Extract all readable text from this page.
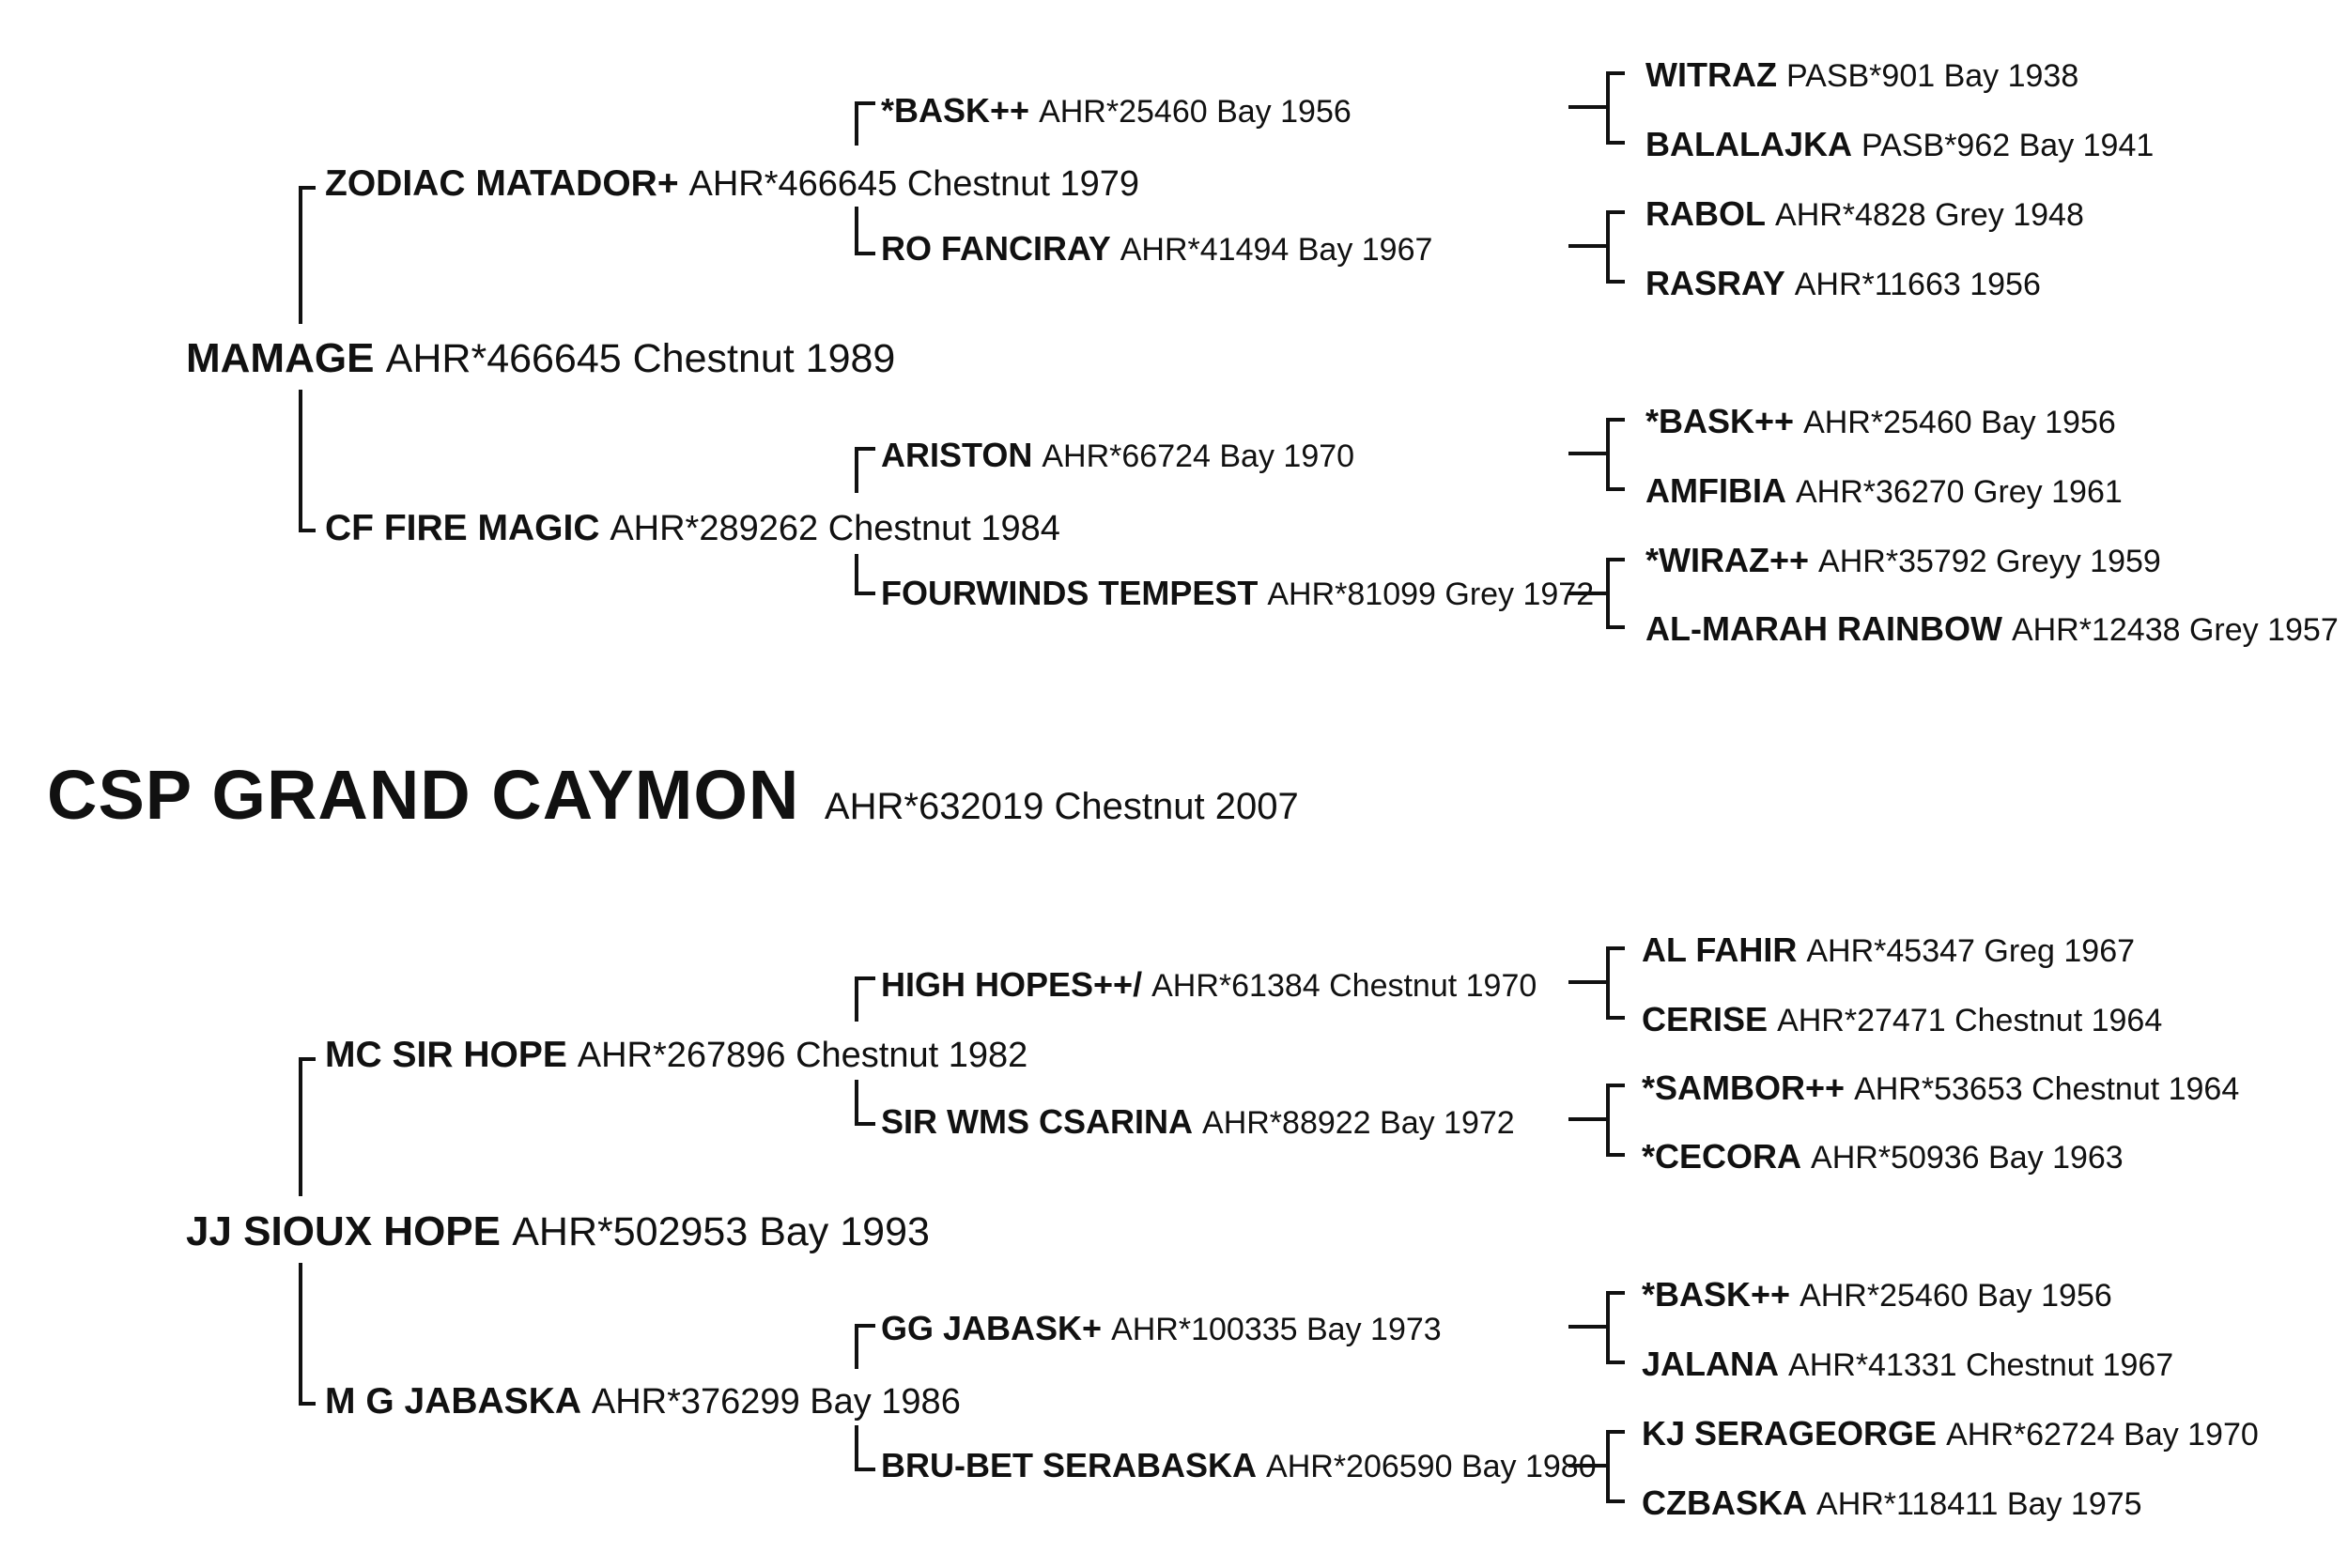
CSP GRAND CAYMON AHR*632019 Chestnut 2007
MAMAGE AHR*466645 Chestnut 1989
ZODIAC MATADOR+ AHR*466645 Chestnut 1979
CF FIRE MAGIC AHR*289262 Chestnut 1984
*BASK++ AHR*25460 Bay 1956
RO FANCIRAY AHR*41494 Bay 1967
ARISTON AHR*66724 Bay 1970
FOURWINDS TEMPEST AHR*81099 Grey 1972
WITRAZ PASB*901 Bay 1938
BALALAJKA PASB*962 Bay 1941
RABOL AHR*4828 Grey 1948
RASRAY AHR*11663 1956
*BASK++ AHR*25460 Bay 1956
AMFIBIA AHR*36270 Grey 1961
*WIRAZ++ AHR*35792 Greyy 1959
AL-MARAH RAINBOW AHR*12438 Grey 1957
JJ SIOUX HOPE AHR*502953 Bay 1993
MC SIR HOPE AHR*267896 Chestnut 1982
M G JABASKA AHR*376299 Bay 1986
HIGH HOPES++/ AHR*61384 Chestnut 1970
SIR WMS CSARINA AHR*88922 Bay 1972
GG JABASK+ AHR*100335 Bay 1973
BRU-BET SERABASKA AHR*206590 Bay 1980
AL FAHIR AHR*45347 Greg 1967
CERISE AHR*27471 Chestnut 1964
*SAMBOR++ AHR*53653 Chestnut 1964
*CECORA AHR*50936 Bay 1963
*BASK++ AHR*25460 Bay 1956
JALANA AHR*41331 Chestnut 1967
KJ SERAGEORGE AHR*62724 Bay 1970
CZBASKA AHR*118411 Bay 1975
